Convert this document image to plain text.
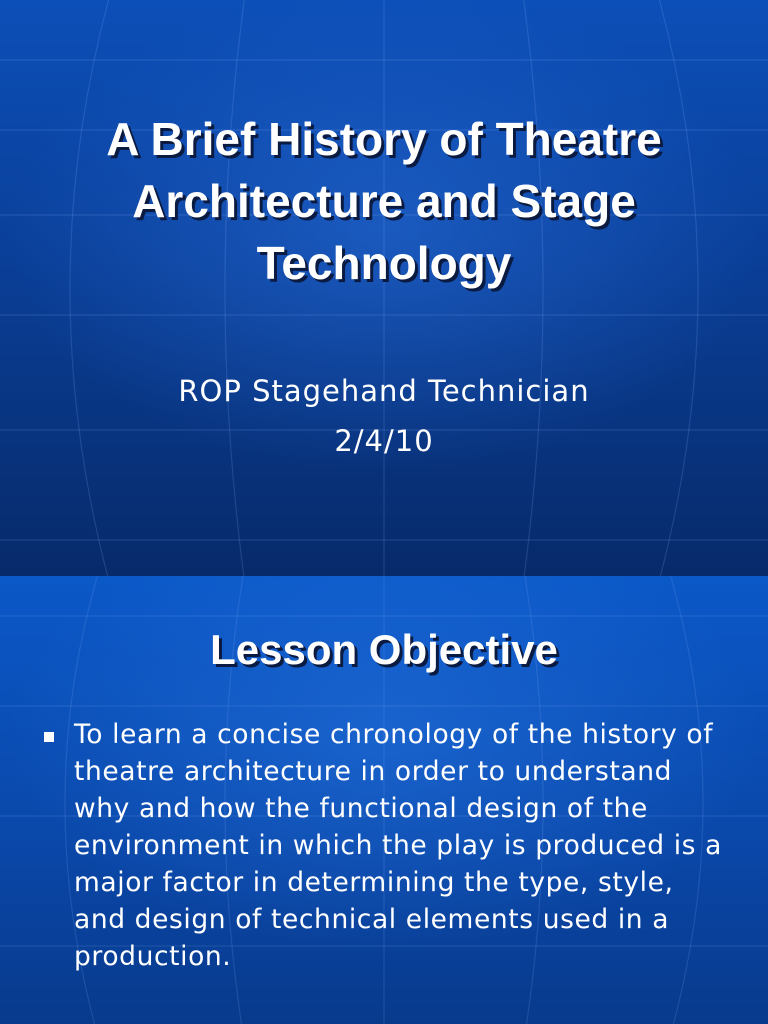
A Brief History of Theatre Architecture and Stage Technology

ROP Stagehand Technician

2/4/10

Lesson Objective

To learn a concise chronology of the history of theatre architecture in order to understand why and how the functional design of the environment in which the play is produced is a major factor in determining the type, style, and design of technical elements used in a production.
